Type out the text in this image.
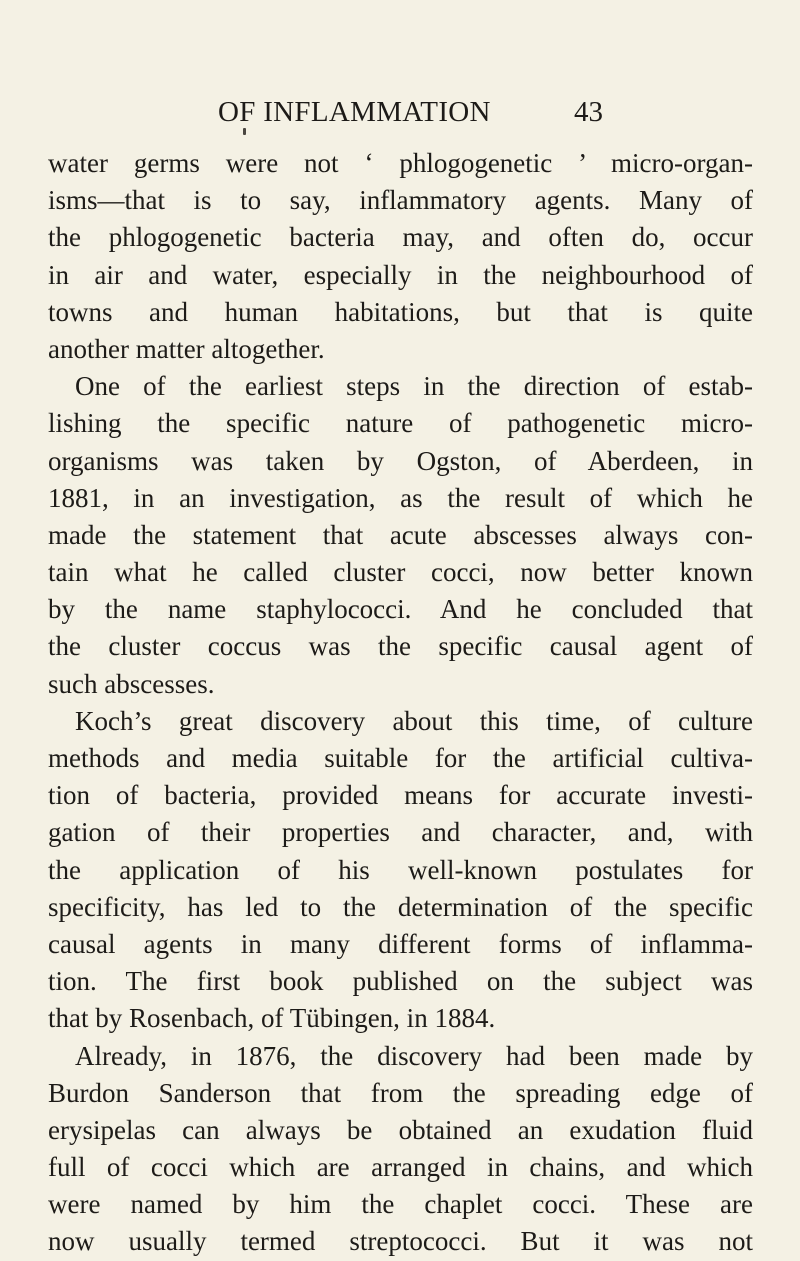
OF INFLAMMATION	43
water germs were not ‘ phlogogenetic ’ micro-organ-
isms—that is to say, inflammatory agents. Many of
the phlogogenetic bacteria may, and often do, occur
in air and water, especially in the neighbourhood of
towns and human habitations, but that is quite
another matter altogether.
One of the earliest steps in the direction of estab-
lishing the specific nature of pathogenetic micro-
organisms was taken by Ogston, of Aberdeen, in
1881, in an investigation, as the result of which he
made the statement that acute abscesses always con-
tain what he called cluster cocci, now better known
by the name staphylococci. And he concluded that
the cluster coccus was the specific causal agent of
such abscesses.
Koch’s great discovery about this time, of culture
methods and media suitable for the artificial cultiva-
tion of bacteria, provided means for accurate investi-
gation of their properties and character, and, with
the application of his well-known postulates for
specificity, has led to the determination of the specific
causal agents in many different forms of inflamma-
tion. The first book published on the subject was
that by Rosenbach, of Tübingen, in 1884.
Already, in 1876, the discovery had been made by
Burdon Sanderson that from the spreading edge of
erysipelas can always be obtained an exudation fluid
full of cocci which are arranged in chains, and which
were named by him the chaplet cocci. These are
now usually termed streptococci. But it was not
